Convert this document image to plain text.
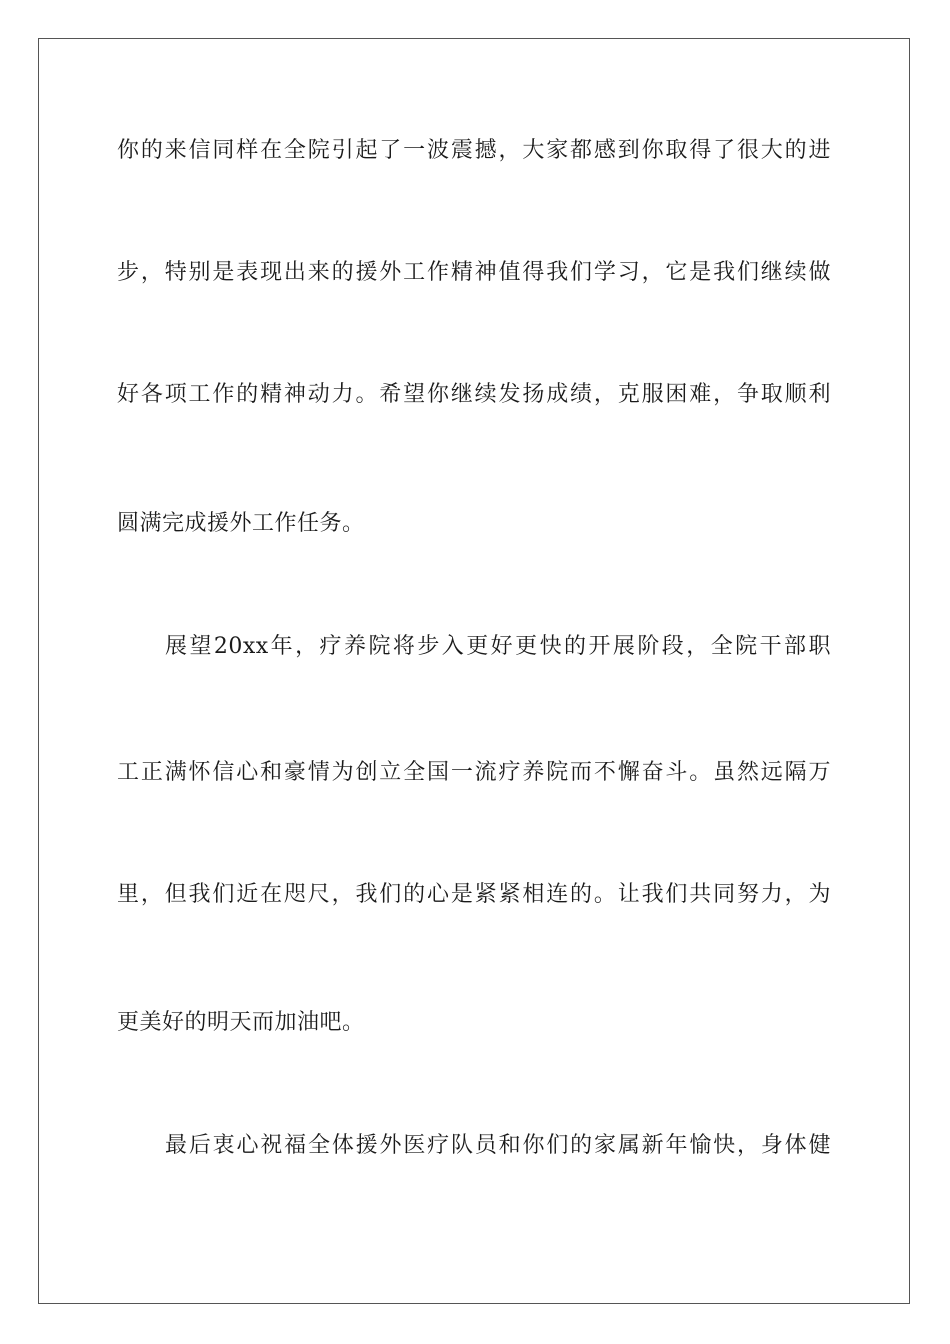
你的来信同样在全院引起了一波震撼，大家都感到你取得了很大的进
步，特别是表现出来的援外工作精神值得我们学习，它是我们继续做
好各项工作的精神动力。希望你继续发扬成绩，克服困难，争取顺利
圆满完成援外工作任务。
展望20xx年，疗养院将步入更好更快的开展阶段，全院干部职
工正满怀信心和豪情为创立全国一流疗养院而不懈奋斗。虽然远隔万
里，但我们近在咫尺，我们的心是紧紧相连的。让我们共同努力，为
更美好的明天而加油吧。
最后衷心祝福全体援外医疗队员和你们的家属新年愉快，身体健
